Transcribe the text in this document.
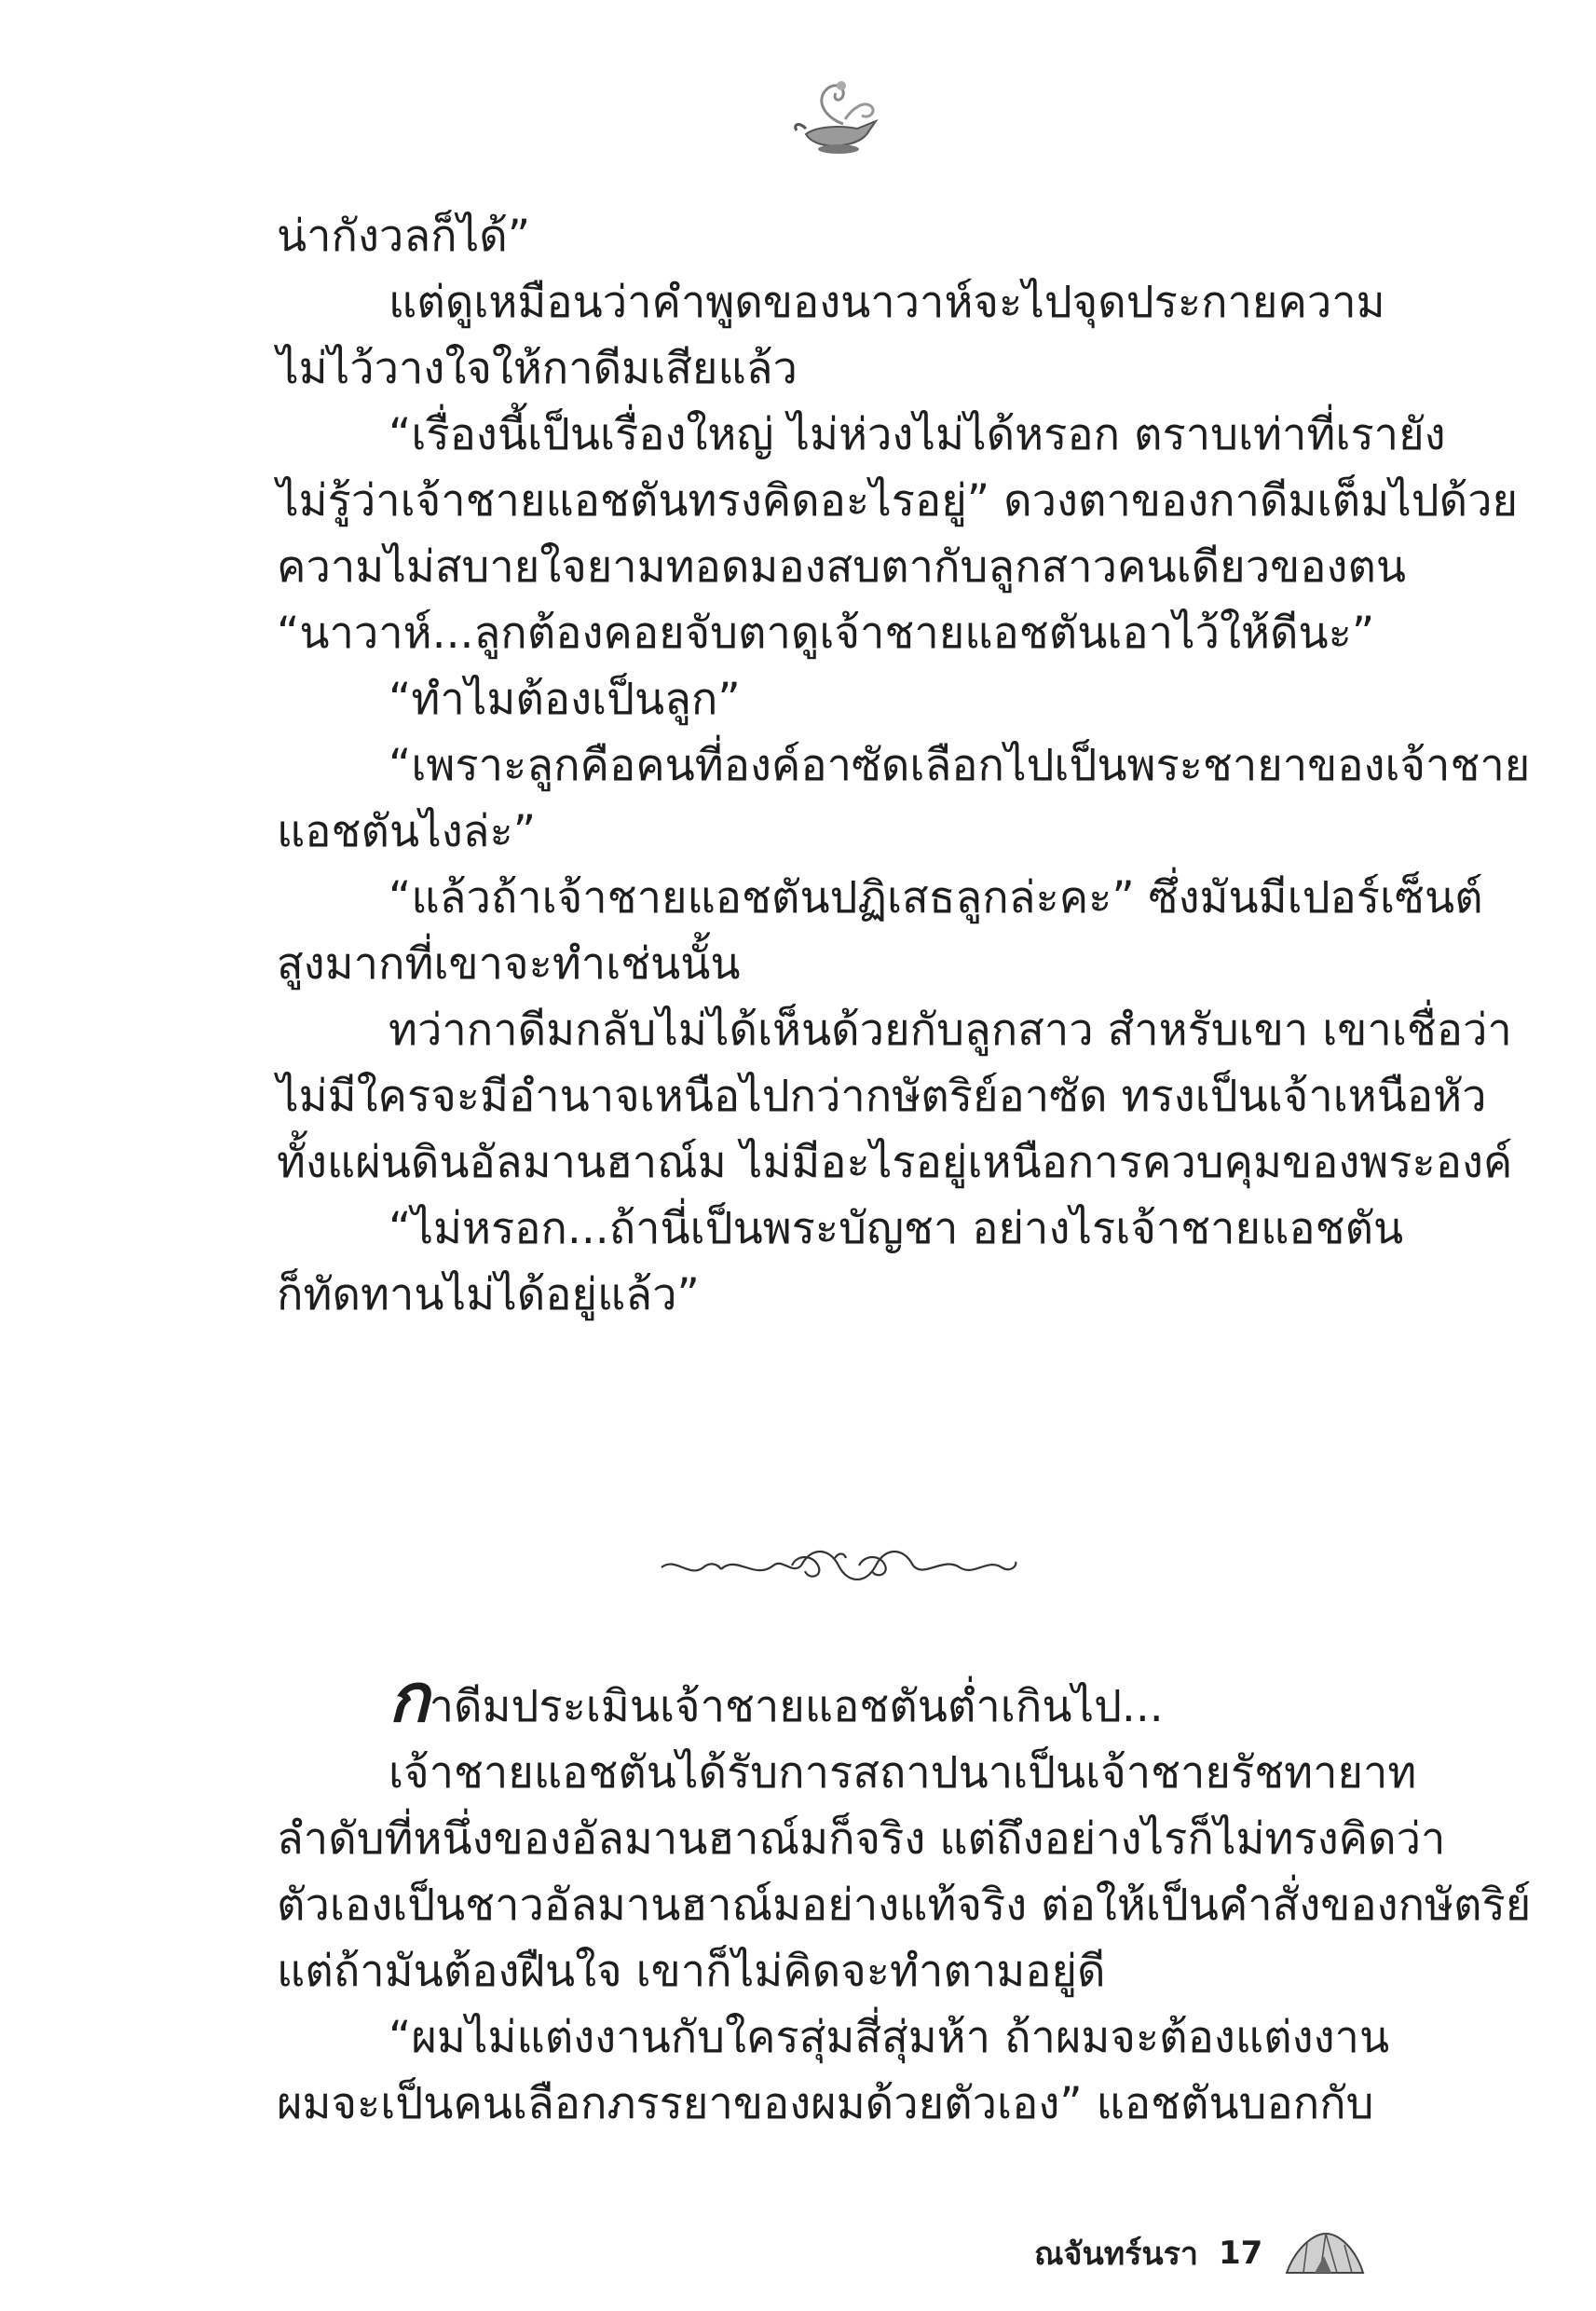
น่ากังวลก็ได้”

แต่ดูเหมือนว่าคำพูดของนาวาห์จะไปจุดประกายความ

ไม่ไว้วางใจให้กาดีมเสียแล้ว

“เรื่องนี้เป็นเรื่องใหญ่ ไม่ห่วงไม่ได้หรอก ตราบเท่าที่เรายัง

ไม่รู้ว่าเจ้าชายแอชตันทรงคิดอะไรอยู่” ดวงตาของกาดีมเต็มไปด้วย

ความไม่สบายใจยามทอดมองสบตากับลูกสาวคนเดียวของตน

“นาวาห์...ลูกต้องคอยจับตาดูเจ้าชายแอชตันเอาไว้ให้ดีนะ”

“ทำไมต้องเป็นลูก”

“เพราะลูกคือคนที่องค์อาซัดเลือกไปเป็นพระชายาของเจ้าชาย

แอชตันไงล่ะ”

“แล้วถ้าเจ้าชายแอชตันปฏิเสธลูกล่ะคะ” ซึ่งมันมีเปอร์เซ็นต์

สูงมากที่เขาจะทำเช่นนั้น

ทว่ากาดีมกลับไม่ได้เห็นด้วยกับลูกสาว สำหรับเขา เขาเชื่อว่า

ไม่มีใครจะมีอำนาจเหนือไปกว่ากษัตริย์อาซัด ทรงเป็นเจ้าเหนือหัว

ทั้งแผ่นดินอัลมานฮาณ์ม ไม่มีอะไรอยู่เหนือการควบคุมของพระองค์

“ไม่หรอก...ถ้านี่เป็นพระบัญชา อย่างไรเจ้าชายแอชตัน

ก็ทัดทานไม่ได้อยู่แล้ว”

กาดีมประเมินเจ้าชายแอชตันต่ำเกินไป...

เจ้าชายแอชตันได้รับการสถาปนาเป็นเจ้าชายรัชทายาท

ลำดับที่หนึ่งของอัลมานฮาณ์มก็จริง แต่ถึงอย่างไรก็ไม่ทรงคิดว่า

ตัวเองเป็นชาวอัลมานฮาณ์มอย่างแท้จริง ต่อให้เป็นคำสั่งของกษัตริย์

แต่ถ้ามันต้องฝืนใจ เขาก็ไม่คิดจะทำตามอยู่ดี

“ผมไม่แต่งงานกับใครสุ่มสี่สุ่มห้า ถ้าผมจะต้องแต่งงาน

ผมจะเป็นคนเลือกภรรยาของผมด้วยตัวเอง” แอชตันบอกกับ

ณจันทร์นรา 17
